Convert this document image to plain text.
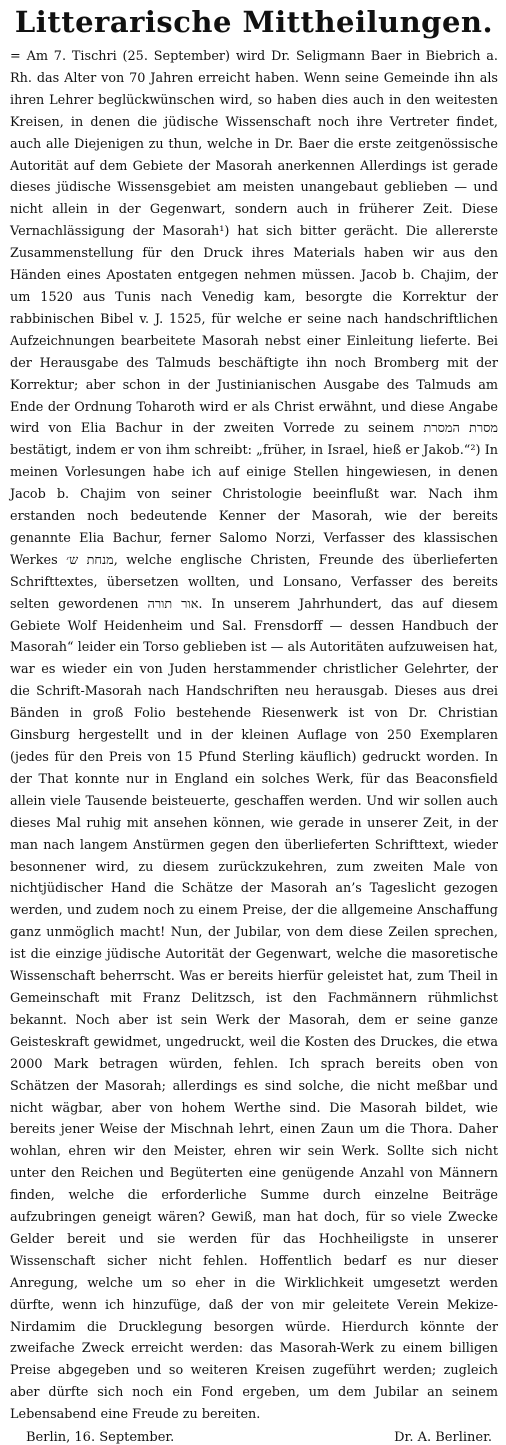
Litterarische Mittheilungen.

= Am 7. Tischri (25. September) wird Dr. Seligmann Baer in Biebrich a. Rh. das Alter von 70 Jahren erreicht haben. Wenn seine Gemeinde ihn als ihren Lehrer beglückwünschen wird, so haben dies auch in den weitesten Kreisen, in denen die jüdische Wissenschaft noch ihre Vertreter findet, auch alle Diejenigen zu thun, welche in Dr. Baer die erste zeitgenössische Autorität auf dem Gebiete der Masorah anerkennen Allerdings ist gerade dieses jüdische Wissensgebiet am meisten unangebaut geblieben — und nicht allein in der Gegenwart, sondern auch in früherer Zeit. Diese Vernachlässigung der Masorah¹) hat sich bitter gerächt. Die allererste Zusammenstellung für den Druck ihres Materials haben wir aus den Händen eines Apostaten entgegen nehmen müssen. Jacob b. Chajim, der um 1520 aus Tunis nach Venedig kam, besorgte die Korrektur der rabbinischen Bibel v. J. 1525, für welche er seine nach handschriftlichen Aufzeichnungen bearbeitete Masorah nebst einer Einleitung lieferte. Bei der Herausgabe des Talmuds beschäftigte ihn noch Bromberg mit der Korrektur; aber schon in der Justinianischen Ausgabe des Talmuds am Ende der Ordnung Toharoth wird er als Christ erwähnt, und diese Angabe wird von Elia Bachur in der zweiten Vorrede zu seinem מסרת המסרת bestätigt, indem er von ihm schreibt: „früher, in Israel, hieß er Jakob.“²) In meinen Vorlesungen habe ich auf einige Stellen hingewiesen, in denen Jacob b. Chajim von seiner Christologie beeinflußt war. Nach ihm erstanden noch bedeutende Kenner der Masorah, wie der bereits genannte Elia Bachur, ferner Salomo Norzi, Verfasser des klassischen Werkes מנחת ש׳, welche englische Christen, Freunde des überlieferten Schrifttextes, übersetzen wollten, und Lonsano, Verfasser des bereits selten gewordenen אור תורה. In unserem Jahrhundert, das auf diesem Gebiete Wolf Heidenheim und Sal. Frensdorff — dessen Handbuch der Masorah“ leider ein Torso geblieben ist — als Autoritäten aufzuweisen hat, war es wieder ein von Juden herstammender christlicher Gelehrter, der die Schrift-Masorah nach Handschriften neu herausgab. Dieses aus drei Bänden in groß Folio bestehende Riesenwerk ist von Dr. Christian Ginsburg hergestellt und in der kleinen Auflage von 250 Exemplaren (jedes für den Preis von 15 Pfund Sterling käuflich) gedruckt worden. In der That konnte nur in England ein solches Werk, für das Beaconsfield allein viele Tausende beisteuerte, geschaffen werden. Und wir sollen auch dieses Mal ruhig mit ansehen können, wie gerade in unserer Zeit, in der man nach langem Anstürmen gegen den überlieferten Schrifttext, wieder besonnener wird, zu diesem zurückzukehren, zum zweiten Male von nichtjüdischer Hand die Schätze der Masorah an’s Tageslicht gezogen werden, und zudem noch zu einem Preise, der die allgemeine Anschaffung ganz unmöglich macht! Nun, der Jubilar, von dem diese Zeilen sprechen, ist die einzige jüdische Autorität der Gegenwart, welche die masoretische Wissenschaft beherrscht. Was er bereits hierfür geleistet hat, zum Theil in Gemeinschaft mit Franz Delitzsch, ist den Fachmännern rühmlichst bekannt. Noch aber ist sein Werk der Masorah, dem er seine ganze Geisteskraft gewidmet, ungedruckt, weil die Kosten des Druckes, die etwa 2000 Mark betragen würden, fehlen. Ich sprach bereits oben von Schätzen der Masorah; allerdings es sind solche, die nicht meßbar und nicht wägbar, aber von hohem Werthe sind. Die Masorah bildet, wie bereits jener Weise der Mischnah lehrt, einen Zaun um die Thora. Daher wohlan, ehren wir den Meister, ehren wir sein Werk. Sollte sich nicht unter den Reichen und Begüterten eine genügende Anzahl von Männern finden, welche die erforderliche Summe durch einzelne Beiträge aufzubringen geneigt wären? Gewiß, man hat doch, für so viele Zwecke Gelder bereit und sie werden für das Hochheiligste in unserer Wissenschaft sicher nicht fehlen. Hoffentlich bedarf es nur dieser Anregung, welche um so eher in die Wirklichkeit umgesetzt werden dürfte, wenn ich hinzufüge, daß der von mir geleitete Verein Mekize-Nirdamim die Drucklegung besorgen würde. Hierdurch könnte der zweifache Zweck erreicht werden: das Masorah-Werk zu einem billigen Preise abgegeben und so weiteren Kreisen zugeführt werden; zugleich aber dürfte sich noch ein Fond ergeben, um dem Jubilar an seinem Lebensabend eine Freude zu bereiten.

Berlin, 16. September.	Dr. A. Berliner.
